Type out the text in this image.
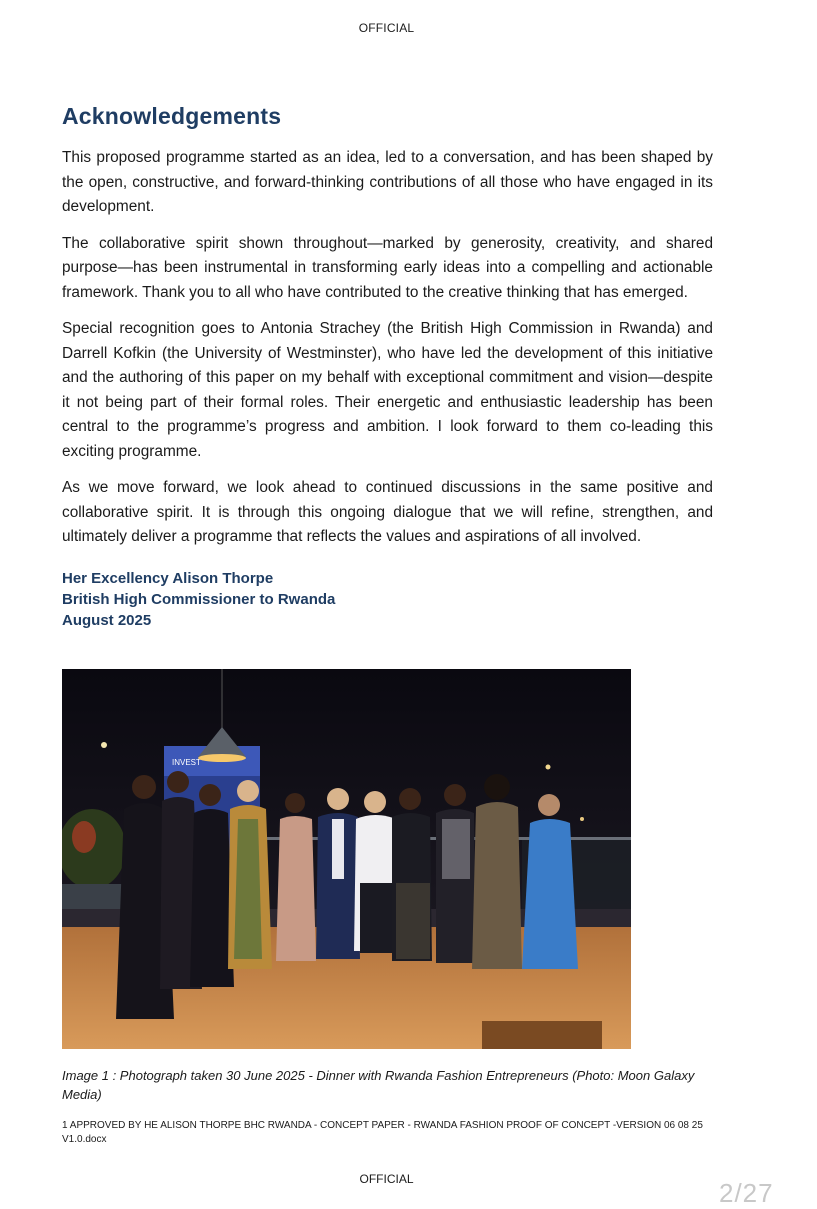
OFFICIAL
Acknowledgements

This proposed programme started as an idea, led to a conversation, and has been shaped by the open, constructive, and forward-thinking contributions of all those who have engaged in its development.

The collaborative spirit shown throughout—marked by generosity, creativity, and shared purpose—has been instrumental in transforming early ideas into a compelling and actionable framework. Thank you to all who have contributed to the creative thinking that has emerged.

Special recognition goes to Antonia Strachey (the British High Commission in Rwanda) and Darrell Kofkin (the University of Westminster), who have led the development of this initiative and the authoring of this paper on my behalf with exceptional commitment and vision—despite it not being part of their formal roles. Their energetic and enthusiastic leadership has been central to the programme’s progress and ambition. I look forward to them co-leading this exciting programme.

As we move forward, we look ahead to continued discussions in the same positive and collaborative spirit. It is through this ongoing dialogue that we will refine, strengthen, and ultimately deliver a programme that reflects the values and aspirations of all involved.

Her Excellency Alison Thorpe
British High Commissioner to Rwanda
August 2025
INVEST
Image 1 : Photograph taken 30 June 2025 - Dinner with Rwanda Fashion Entrepreneurs (Photo: Moon Galaxy Media)
1 APPROVED BY HE ALISON THORPE BHC RWANDA - CONCEPT PAPER - RWANDA FASHION PROOF OF CONCEPT -VERSION 06 08 25 V1.0.docx
OFFICIAL	2/27
